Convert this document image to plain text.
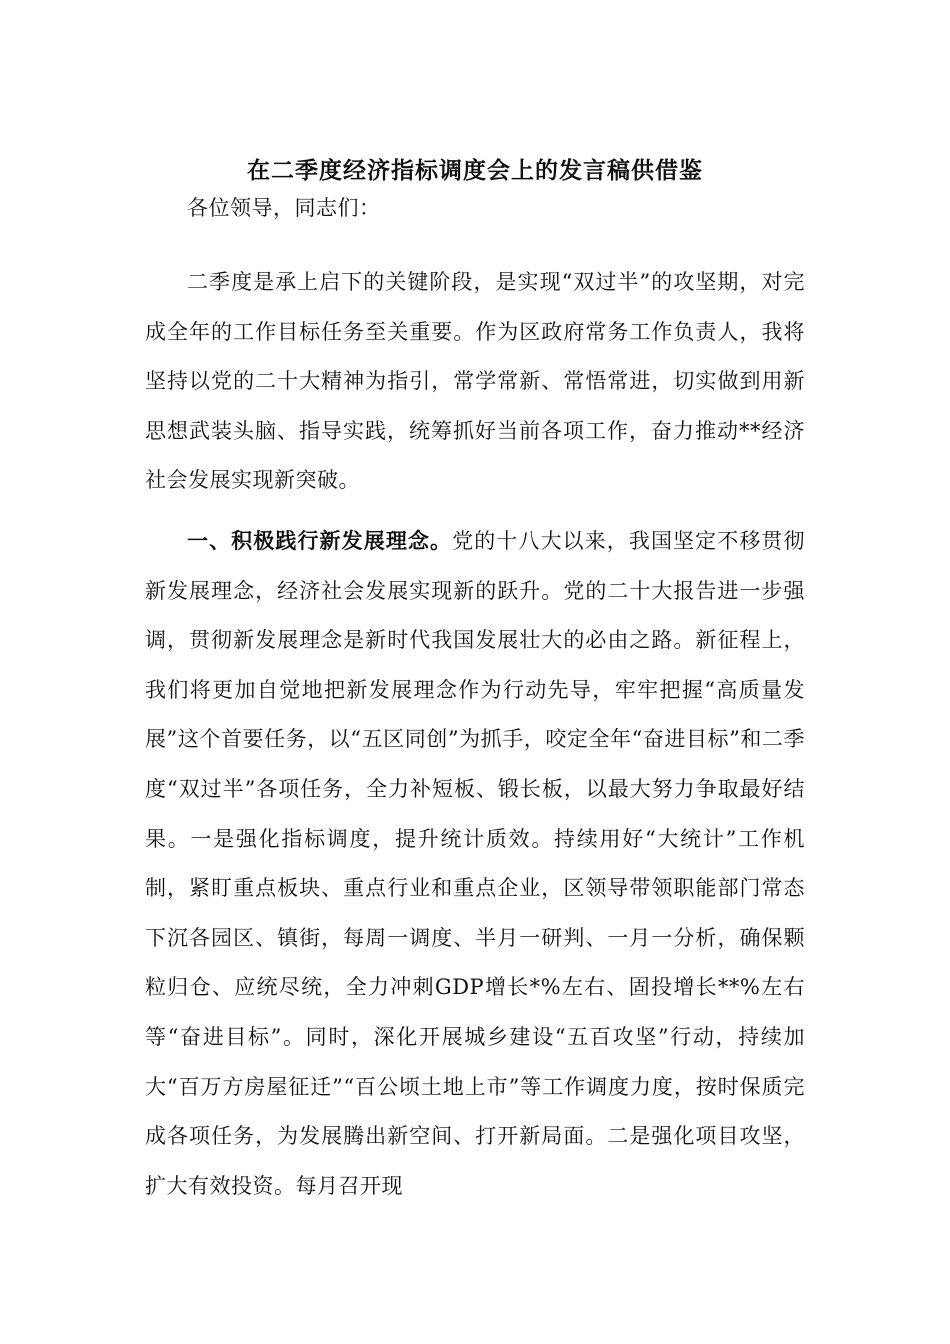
在二季度经济指标调度会上的发言稿供借鉴
各位领导，同志们：
二季度是承上启下的关键阶段，是实现“双过半”的攻坚期，对完成全年的工作目标任务至关重要。作为区政府常务工作负责人，我将坚持以党的二十大精神为指引，常学常新、常悟常进，切实做到用新思想武装头脑、指导实践，统筹抓好当前各项工作，奋力推动**经济社会发展实现新突破。
一、积极践行新发展理念。党的十八大以来，我国坚定不移贯彻新发展理念，经济社会发展实现新的跃升。党的二十大报告进一步强调，贯彻新发展理念是新时代我国发展壮大的必由之路。新征程上，我们将更加自觉地把新发展理念作为行动先导，牢牢把握“高质量发展”这个首要任务，以“五区同创”为抓手，咬定全年“奋进目标”和二季度“双过半”各项任务，全力补短板、锻长板，以最大努力争取最好结果。一是强化指标调度，提升统计质效。持续用好“大统计”工作机制，紧盯重点板块、重点行业和重点企业，区领导带领职能部门常态下沉各园区、镇街，每周一调度、半月一研判、一月一分析，确保颗粒归仓、应统尽统，全力冲刺GDP增长*%左右、固投增长**%左右等“奋进目标”。同时，深化开展城乡建设“五百攻坚”行动，持续加大“百万方房屋征迁”“百公顷土地上市”等工作调度力度，按时保质完成各项任务，为发展腾出新空间、打开新局面。二是强化项目攻坚，扩大有效投资。每月召开现
